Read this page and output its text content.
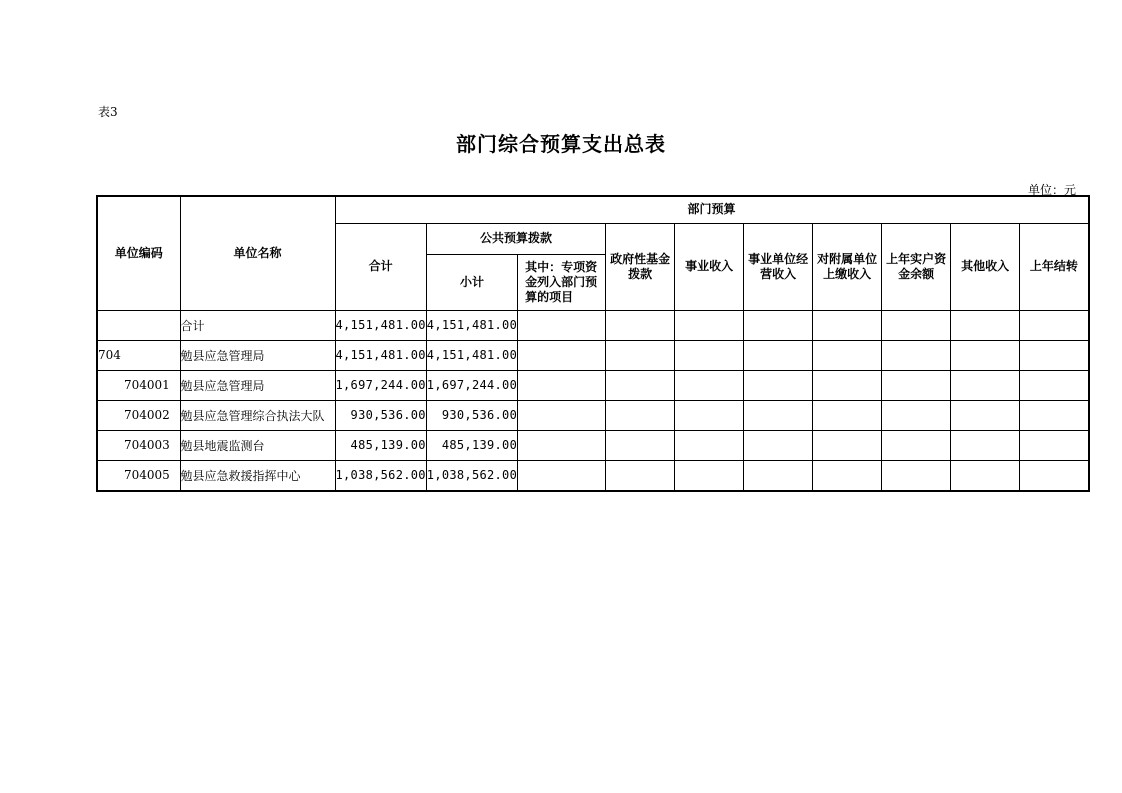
表3
部门综合预算支出总表
单位：元
单位编码	单位名称	部门预算									
		合计	公共预算拨款		政府性基金拨款	事业收入	事业单位经营收入	对附属单位上缴收入	上年实户资金余额	其他收入	上年结转
			小计	其中：专项资金列入部门预算的项目							
	合计	4,151,481.00	4,151,481.00								
704	勉县应急管理局	4,151,481.00	4,151,481.00								
704001	勉县应急管理局	1,697,244.00	1,697,244.00								
704002	勉县应急管理综合执法大队	930,536.00	930,536.00								
704003	勉县地震监测台	485,139.00	485,139.00								
704005	勉县应急救援指挥中心	1,038,562.00	1,038,562.00								
